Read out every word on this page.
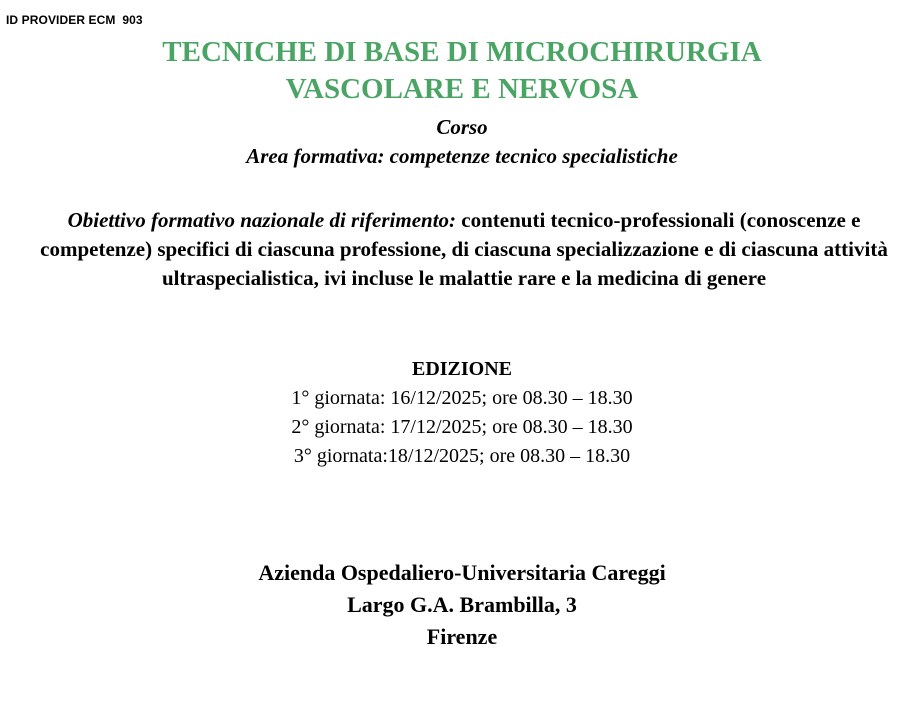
ID PROVIDER ECM  903
TECNICHE DI BASE DI MICROCHIRURGIA
VASCOLARE E NERVOSA
Corso
Area formativa: competenze tecnico specialistiche
Obiettivo formativo nazionale di riferimento: contenuti tecnico-professionali (conoscenze e competenze) specifici di ciascuna professione, di ciascuna specializzazione e di ciascuna attività ultraspecialistica, ivi incluse le malattie rare e la medicina di genere
EDIZIONE
1° giornata: 16/12/2025; ore 08.30 – 18.30
2° giornata: 17/12/2025; ore 08.30 – 18.30
3° giornata:18/12/2025; ore 08.30 – 18.30
Azienda Ospedaliero-Universitaria Careggi
Largo G.A. Brambilla, 3
Firenze
